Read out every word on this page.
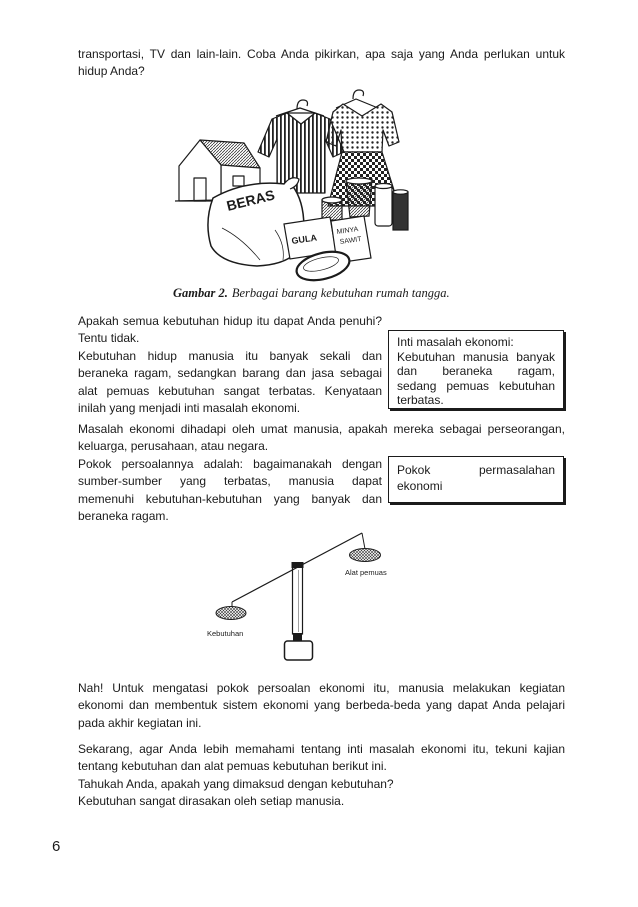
transportasi, TV dan lain-lain. Coba Anda pikirkan, apa saja yang Anda perlukan untuk
hidup Anda?
BERAS
GULA
MINYA
SAWIT
Gambar 2. Berbagai barang kebutuhan rumah tangga.
Apakah semua kebutuhan hidup itu dapat Anda penuhi?
Tentu tidak.
Kebutuhan hidup manusia itu banyak sekali dan
beraneka ragam, sedangkan barang dan jasa sebagai
alat pemuas kebutuhan sangat terbatas. Kenyataan
inilah yang menjadi inti masalah ekonomi.
Inti masalah ekonomi:
Kebutuhan manusia banyak
dan beraneka ragam,
sedang pemuas kebutuhan
terbatas.
Masalah ekonomi dihadapi oleh umat manusia, apakah mereka sebagai perseorangan,
keluarga, perusahaan, atau negara.
Pokok persoalannya adalah: bagaimanakah dengan
sumber-sumber yang terbatas, manusia dapat
memenuhi kebutuhan-kebutuhan yang banyak dan
beraneka ragam.
Pokok permasalahan
ekonomi
Alat pemuas
Kebutuhan
Nah! Untuk mengatasi pokok persoalan ekonomi itu, manusia melakukan kegiatan
ekonomi dan membentuk sistem ekonomi yang berbeda-beda yang dapat Anda pelajari
pada akhir kegiatan ini.
Sekarang, agar Anda lebih memahami tentang inti masalah ekonomi itu, tekuni kajian
tentang kebutuhan dan alat pemuas kebutuhan berikut ini.
Tahukah Anda, apakah yang dimaksud dengan kebutuhan?
Kebutuhan sangat dirasakan oleh setiap manusia.
6
